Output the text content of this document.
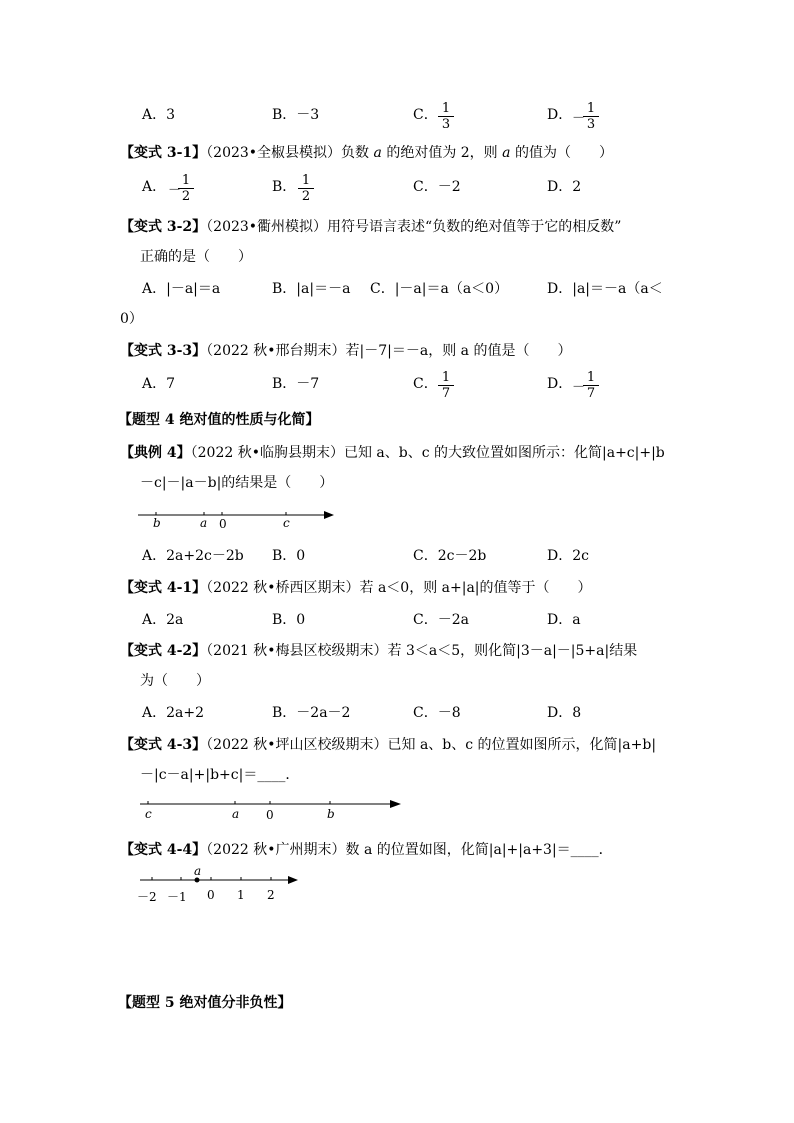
A．3	B．－3	C． $\frac{1}{3}$	D． －
$\frac{1}{3}$
【变式 3-1】（2023•全椒县模拟）负数 a 的绝对值为 2，则 a 的值为（　　）
A． －
$\frac{1}{2}$	B． $\frac{1}{2}$	C．－2	D．2
【变式 3-2】（2023•衢州模拟）用符号语言表述“负数的绝对值等于它的相反数”
正确的是（　　）
A．|－a|＝a	B．|a|＝－a C．|－a|＝a（a＜0）	D．|a|＝－a（a＜
0）
【变式 3-3】（2022 秋•邢台期末）若|－7|＝－a，则 a 的值是（　　）
A．7	B．－7	C． $\frac{1}{7}$	D． －
$\frac{1}{7}$
【题型 4 绝对值的性质与化简】
【典例 4】（2022 秋•临朐县期末）已知 a、b、c 的大致位置如图所示：化简|a+c|+|b
－c|－|a－b|的结果是（　　）
b	a 0	c
A．2a+2c－2b B．0	C．2c－2b	D．2c
【变式 4-1】（2022 秋•桥西区期末）若 a＜0，则 a+|a|的值等于（　　）
A．2a	B．0	C．－2a	D．a
【变式 4-2】（2021 秋•梅县区校级期末）若 3＜a＜5，则化简|3－a|－|5+a|结果
为（　　）
A．2a+2	B．－2a－2	C．－8	D．8
【变式 4-3】（2022 秋•坪山区校级期末）已知 a、b、c 的位置如图所示，化简|a+b|
－|c－a|+|b+c|＝____．
c	a 0	b
【变式 4-4】（2022 秋•广州期末）数 a 的位置如图，化简|a|+|a+3|＝____．
a
－2 －1 0 1 2
【题型 5 绝对值分非负性】
